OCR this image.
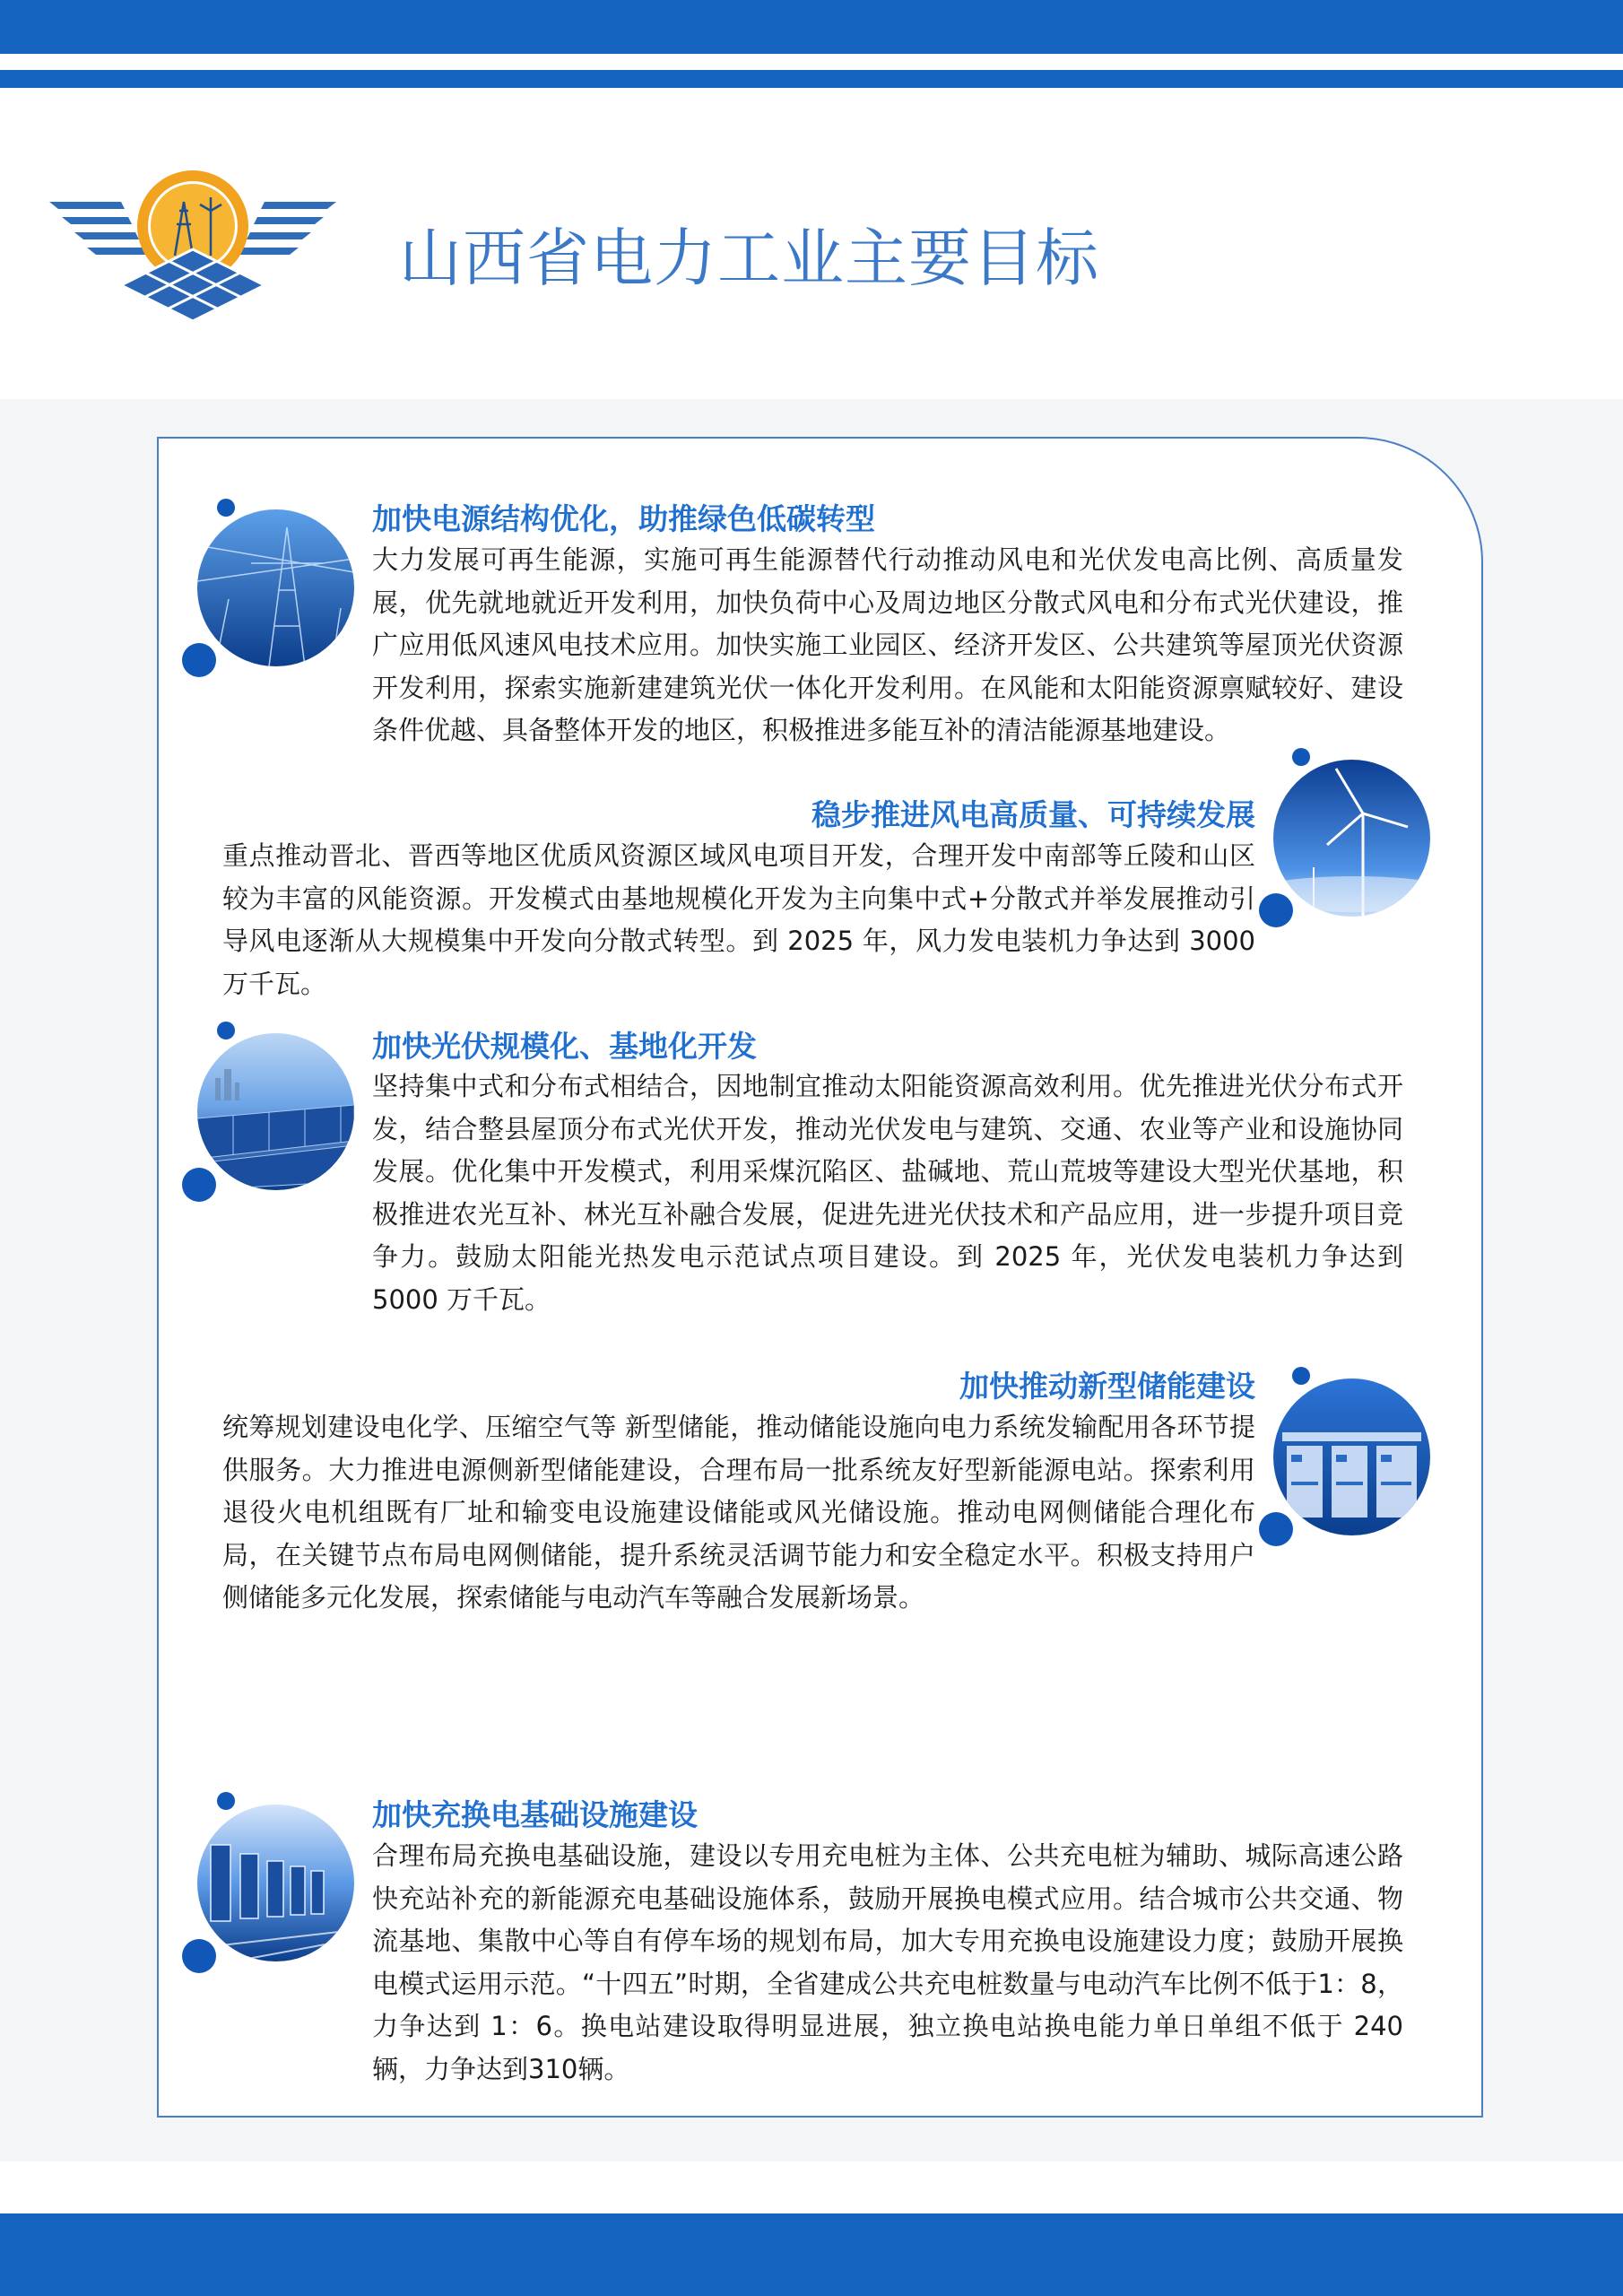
山西省电力工业主要目标
加快电源结构优化，助推绿色低碳转型

大力发展可再生能源，实施可再生能源替代行动推动风电和光伏发电高比例、高质量发展，优先就地就近开发利用，加快负荷中心及周边地区分散式风电和分布式光伏建设，推广应用低风速风电技术应用。加快实施工业园区、经济开发区、公共建筑等屋顶光伏资源开发利用，探索实施新建建筑光伏一体化开发利用。在风能和太阳能资源禀赋较好、建设条件优越、具备整体开发的地区，积极推进多能互补的清洁能源基地建设。

稳步推进风电高质量、可持续发展

重点推动晋北、晋西等地区优质风资源区域风电项目开发，合理开发中南部等丘陵和山区较为丰富的风能资源。开发模式由基地规模化开发为主向集中式+分散式并举发展推动引导风电逐渐从大规模集中开发向分散式转型。到 2025 年，风力发电装机力争达到 3000 万千瓦。

加快光伏规模化、基地化开发

坚持集中式和分布式相结合，因地制宜推动太阳能资源高效利用。优先推进光伏分布式开发，结合整县屋顶分布式光伏开发，推动光伏发电与建筑、交通、农业等产业和设施协同发展。优化集中开发模式，利用采煤沉陷区、盐碱地、荒山荒坡等建设大型光伏基地，积极推进农光互补、林光互补融合发展，促进先进光伏技术和产品应用，进一步提升项目竞争力。鼓励太阳能光热发电示范试点项目建设。到 2025 年，光伏发电装机力争达到 5000 万千瓦。

加快推动新型储能建设

统筹规划建设电化学、压缩空气等 新型储能，推动储能设施向电力系统发输配用各环节提供服务。大力推进电源侧新型储能建设，合理布局一批系统友好型新能源电站。探索利用退役火电机组既有厂址和输变电设施建设储能或风光储设施。推动电网侧储能合理化布局，在关键节点布局电网侧储能，提升系统灵活调节能力和安全稳定水平。积极支持用户侧储能多元化发展，探索储能与电动汽车等融合发展新场景。

加快充换电基础设施建设

合理布局充换电基础设施，建设以专用充电桩为主体、公共充电桩为辅助、城际高速公路快充站补充的新能源充电基础设施体系，鼓励开展换电模式应用。结合城市公共交通、物流基地、集散中心等自有停车场的规划布局，加大专用充换电设施建设力度；鼓励开展换电模式运用示范。“十四五”时期，全省建成公共充电桩数量与电动汽车比例不低于1：8，力争达到 1：6。换电站建设取得明显进展，独立换电站换电能力单日单组不低于 240 辆，力争达到310辆。
